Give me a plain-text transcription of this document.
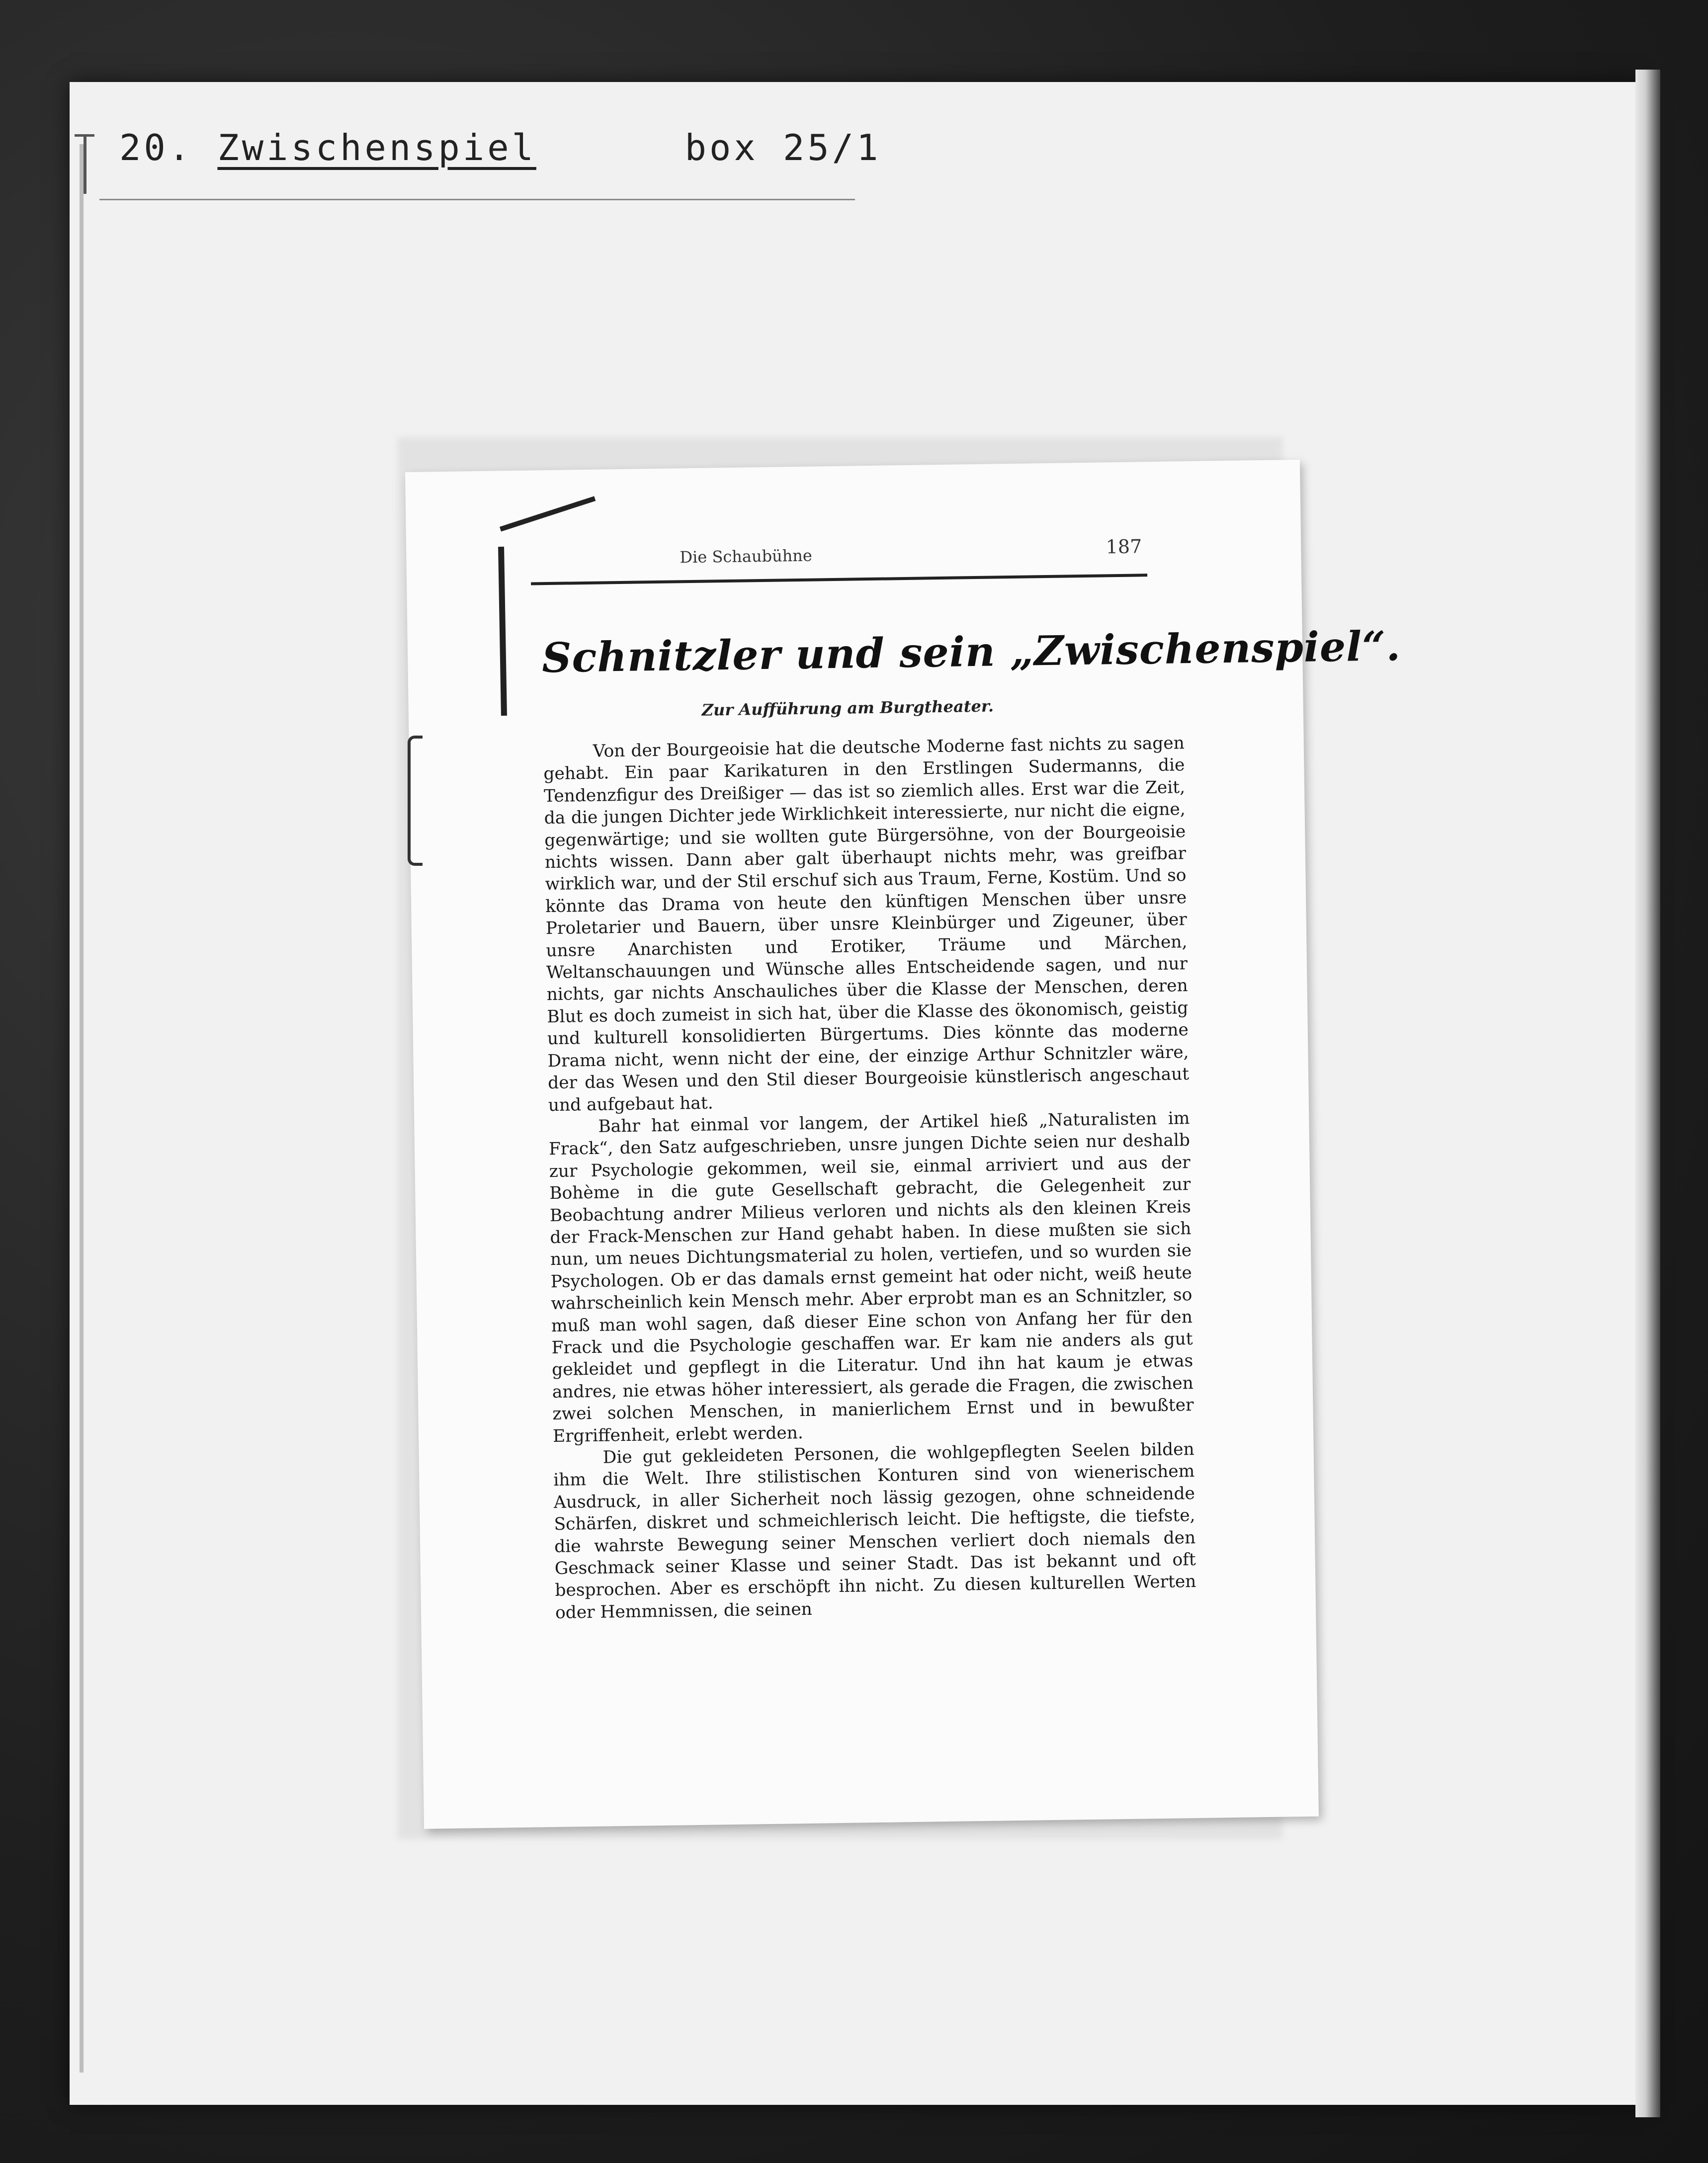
20. Zwischenspiel	box 25/1
Die Schaubühne	187
Schnitzler und sein „Zwischenspiel“.
Zur Aufführung am Burgtheater.

Von der Bourgeoisie hat die deutsche Moderne fast nichts zu sagen gehabt. Ein paar Karikaturen in den Erstlingen Sudermanns, die Tendenzfigur des Dreißiger — das ist so ziemlich alles. Erst war die Zeit, da die jungen Dichter jede Wirklichkeit interessierte, nur nicht die eigne, gegenwärtige; und sie wollten gute Bürgersöhne, von der Bourgeoisie nichts wissen. Dann aber galt überhaupt nichts mehr, was greifbar wirklich war, und der Stil erschuf sich aus Traum, Ferne, Kostüm. Und so könnte das Drama von heute den künftigen Menschen über unsre Proletarier und Bauern, über unsre Kleinbürger und Zigeuner, über unsre Anarchisten und Erotiker, Träume und Märchen, Weltanschauungen und Wünsche alles Entscheidende sagen, und nur nichts, gar nichts Anschauliches über die Klasse der Menschen, deren Blut es doch zumeist in sich hat, über die Klasse des ökonomisch, geistig und kulturell konsolidierten Bürgertums. Dies könnte das moderne Drama nicht, wenn nicht der eine, der einzige Arthur Schnitzler wäre, der das Wesen und den Stil dieser Bourgeoisie künstlerisch angeschaut und aufgebaut hat.

Bahr hat einmal vor langem, der Artikel hieß „Naturalisten im Frack“, den Satz aufgeschrieben, unsre jungen Dichte seien nur deshalb zur Psychologie gekommen, weil sie, einmal arriviert und aus der Bohème in die gute Gesellschaft gebracht, die Gelegenheit zur Beobachtung andrer Milieus verloren und nichts als den kleinen Kreis der Frack-Menschen zur Hand gehabt haben. In diese mußten sie sich nun, um neues Dichtungsmaterial zu holen, vertiefen, und so wurden sie Psychologen. Ob er das damals ernst gemeint hat oder nicht, weiß heute wahrscheinlich kein Mensch mehr. Aber erprobt man es an Schnitzler, so muß man wohl sagen, daß dieser Eine schon von Anfang her für den Frack und die Psychologie geschaffen war. Er kam nie anders als gut gekleidet und gepflegt in die Literatur. Und ihn hat kaum je etwas andres, nie etwas höher interessiert, als gerade die Fragen, die zwischen zwei solchen Menschen, in manierlichem Ernst und in bewußter Ergriffenheit, erlebt werden.

Die gut gekleideten Personen, die wohlgepflegten Seelen bilden ihm die Welt. Ihre stilistischen Konturen sind von wienerischem Ausdruck, in aller Sicherheit noch lässig gezogen, ohne schneidende Schärfen, diskret und schmeichlerisch leicht. Die heftigste, die tiefste, die wahrste Bewegung seiner Menschen verliert doch niemals den Geschmack seiner Klasse und seiner Stadt. Das ist bekannt und oft besprochen. Aber es erschöpft ihn nicht. Zu diesen kulturellen Werten oder Hemmnissen, die seinen
